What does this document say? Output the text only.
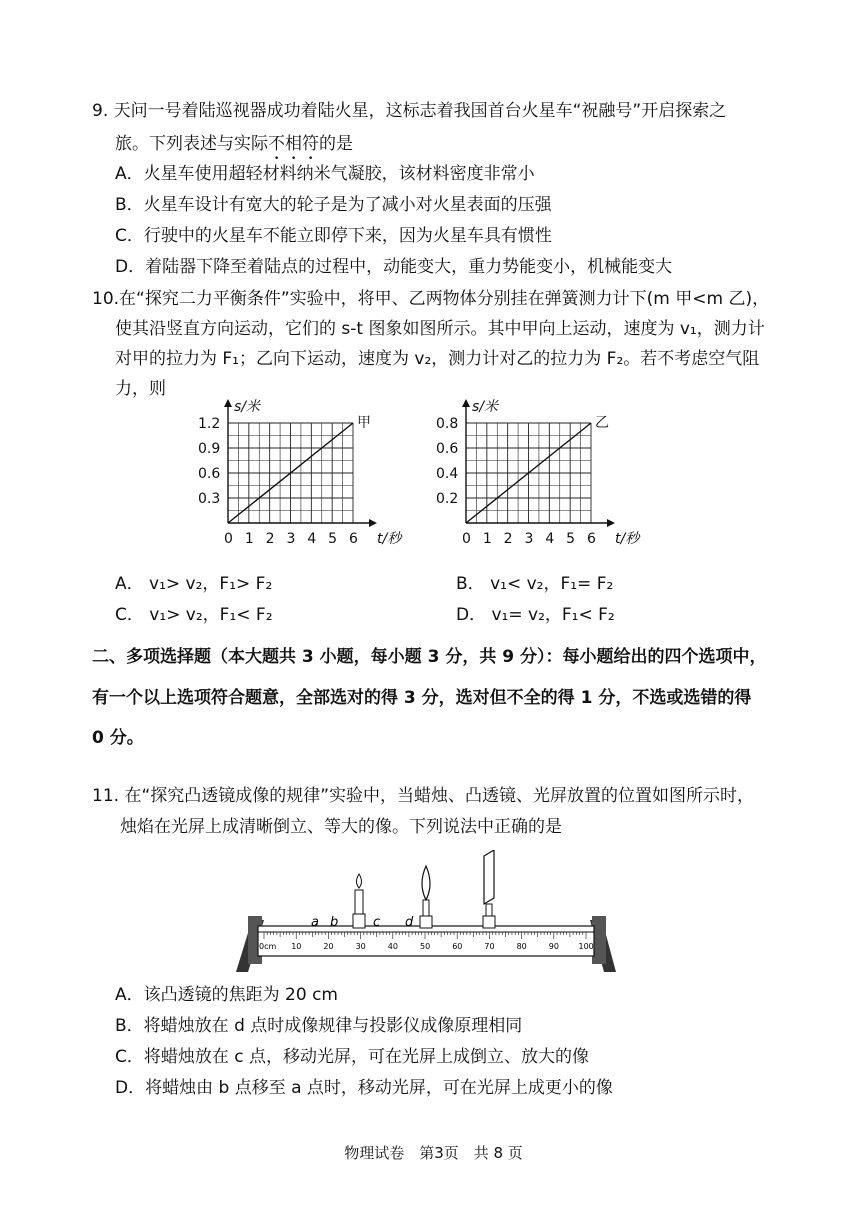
9. 天问一号着陆巡视器成功着陆火星，这标志着我国首台火星车“祝融号”开启探索之
旅。下列表述与实际不相符的是
A．火星车使用超轻材料纳米气凝胶，该材料密度非常小
B．火星车设计有宽大的轮子是为了减小对火星表面的压强
C．行驶中的火星车不能立即停下来，因为火星车具有惯性
D．着陆器下降至着陆点的过程中，动能变大，重力势能变小，机械能变大
10.在“探究二力平衡条件”实验中，将甲、乙两物体分别挂在弹簧测力计下(m 甲<m 乙)，
使其沿竖直方向运动，它们的 s-t 图象如图所示。其中甲向上运动，速度为 v₁，测力计
对甲的拉力为 F₁；乙向下运动，速度为 v₂，测力计对乙的拉力为 F₂。若不考虑空气阻
力，则
0 1 2 3 4 5 6
0.3
0.6
0.9
1.2
s/米
t/秒
甲
0 1 2 3 4 5 6
0.2
0.4
0.6
0.8
s/米
t/秒
乙
A． v₁> v₂，F₁> F₂	B． v₁< v₂，F₁= F₂
C． v₁> v₂，F₁< F₂	D． v₁= v₂，F₁< F₂
二、多项选择题（本大题共 3 小题，每小题 3 分，共 9 分）：每小题给出的四个选项中，
有一个以上选项符合题意，全部选对的得 3 分，选对但不全的得 1 分，不选或选错的得
0 分。
11. 在“探究凸透镜成像的规律”实验中，当蜡烛、凸透镜、光屏放置的位置如图所示时，
烛焰在光屏上成清晰倒立、等大的像。下列说法中正确的是
0cm 10	20	30	40	50	60	70	80	90 100
a b	c d
A．该凸透镜的焦距为 20 cm
B．将蜡烛放在 d 点时成像规律与投影仪成像原理相同
C．将蜡烛放在 c 点，移动光屏，可在光屏上成倒立、放大的像
D．将蜡烛由 b 点移至 a 点时，移动光屏，可在光屏上成更小的像
物理试卷　第3页　共 8 页
